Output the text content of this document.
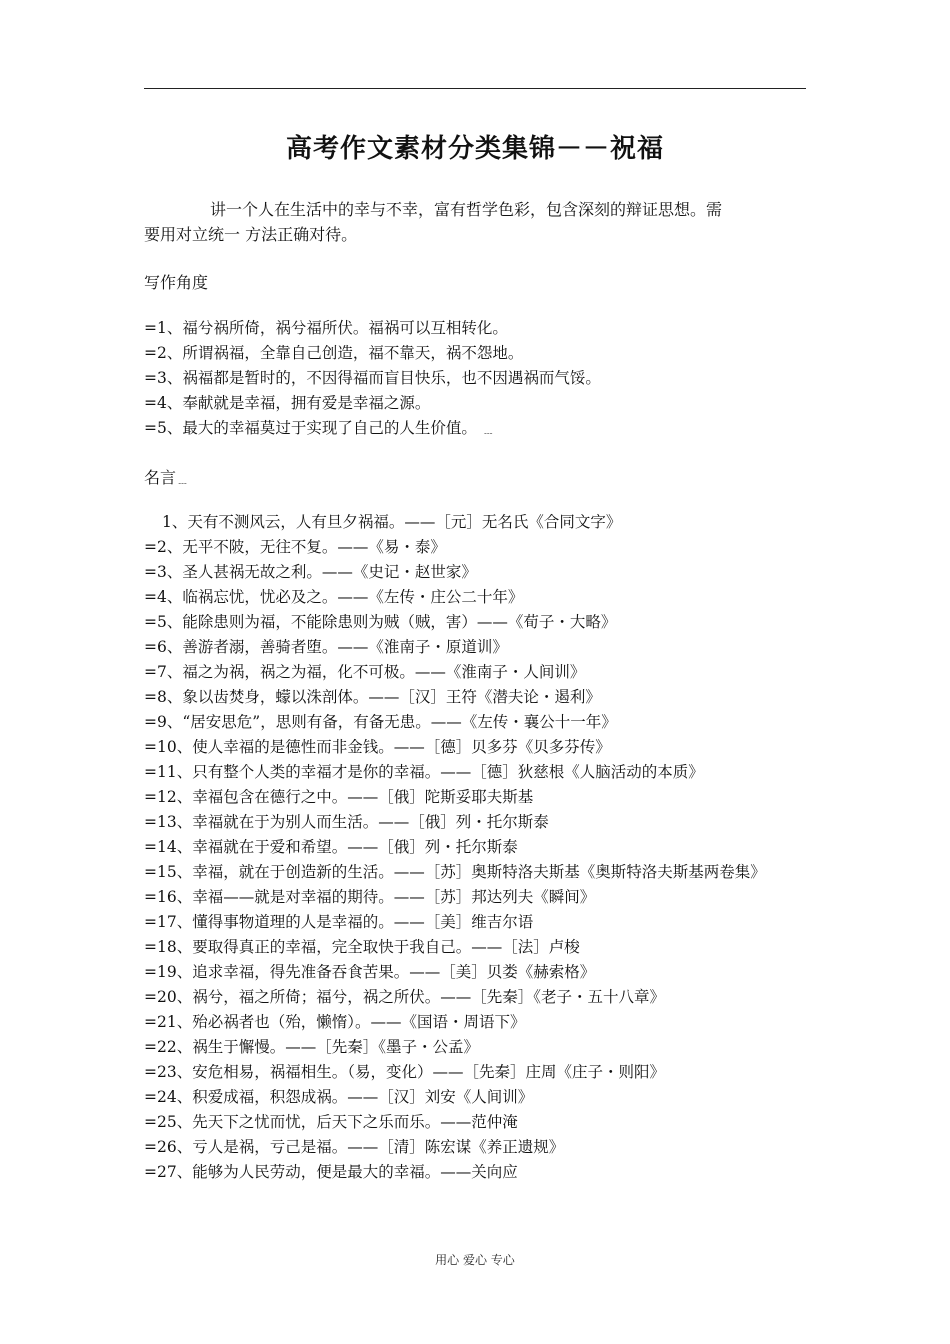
高考作文素材分类集锦－－祝福
讲一个人在生活中的幸与不幸，富有哲学色彩，包含深刻的辩证思想。需
要用对立统一 方法正确对待。
写作角度
=1、福兮祸所倚，祸兮福所伏。福祸可以互相转化。
=2、所谓祸福，全靠自己创造，福不靠天，祸不怨地。
=3、祸福都是暂时的，不因得福而盲目快乐，也不因遇祸而气馁。
=4、奉献就是幸福，拥有爱是幸福之源。
=5、最大的幸福莫过于实现了自己的人生价值。 ﹍
名言﹍
1、天有不测风云，人有旦夕祸福。——［元］无名氏《合同文字》
=2、无平不陂，无往不复。——《易・泰》
=3、圣人甚祸无故之利。——《史记・赵世家》
=4、临祸忘忧，忧必及之。——《左传・庄公二十年》
=5、能除患则为福，不能除患则为贼（贼，害）——《荀子・大略》
=6、善游者溺，善骑者堕。——《淮南子・原道训》
=7、福之为祸，祸之为福，化不可极。——《淮南子・人间训》
=8、象以齿焚身，蠓以洙剖体。——［汉］王符《潜夫论・遏利》
=9、“居安思危”，思则有备，有备无患。——《左传・襄公十一年》
=10、使人幸福的是德性而非金钱。——［德］贝多芬《贝多芬传》
=11、只有整个人类的幸福才是你的幸福。——［德］狄慈根《人脑活动的本质》
=12、幸福包含在德行之中。——［俄］陀斯妥耶夫斯基
=13、幸福就在于为别人而生活。——［俄］列・托尔斯泰
=14、幸福就在于爱和希望。——［俄］列・托尔斯泰
=15、幸福，就在于创造新的生活。——［苏］奥斯特洛夫斯基《奥斯特洛夫斯基两卷集》
=16、幸福——就是对幸福的期待。——［苏］邦达列夫《瞬间》
=17、懂得事物道理的人是幸福的。——［美］维吉尔语
=18、要取得真正的幸福，完全取快于我自己。——［法］卢梭
=19、追求幸福，得先准备吞食苦果。——［美］贝娄《赫索格》
=20、祸兮，福之所倚；福兮，祸之所伏。——［先秦］《老子・五十八章》
=21、殆必祸者也（殆，懒惰）。——《国语・周语下》
=22、祸生于懈慢。——［先秦］《墨子・公孟》
=23、安危相易，祸福相生。（易，变化）——［先秦］庄周《庄子・则阳》
=24、积爱成福，积怨成祸。——［汉］刘安《人间训》
=25、先天下之忧而忧，后天下之乐而乐。——范仲淹
=26、亏人是祸，亏己是福。——［清］陈宏谋《养正遗规》
=27、能够为人民劳动，便是最大的幸福。——关向应
用心 爱心 专心
